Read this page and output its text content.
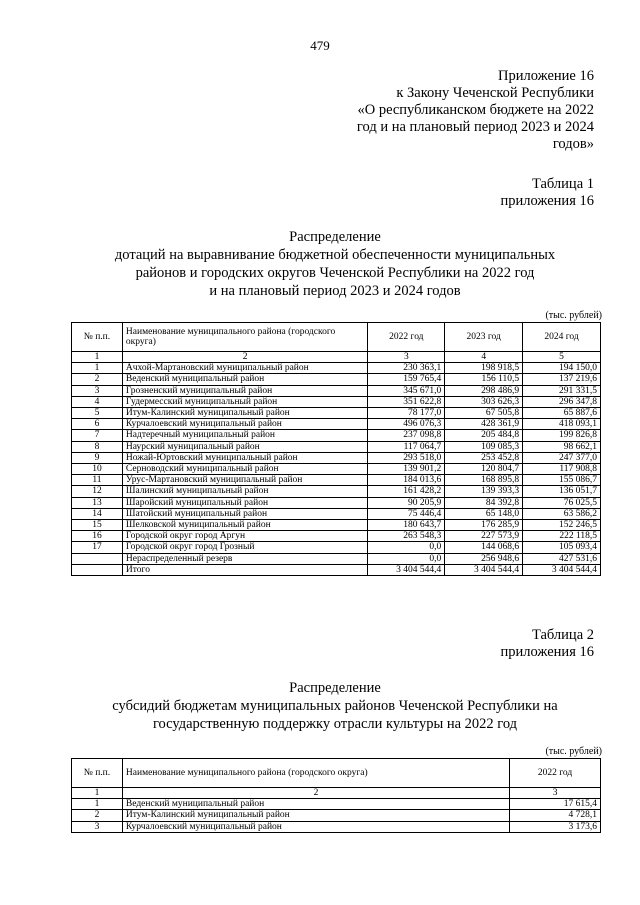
479
Приложение 16
к Закону Чеченской Республики
«О республиканском бюджете на 2022
год и на плановый период 2023 и 2024
годов»
Таблица 1
приложения 16
Распределение
дотаций на выравнивание бюджетной обеспеченности муниципальных
районов и городских округов Чеченской Республики на 2022 год
и на плановый период 2023 и 2024 годов
(тыс. рублей)
№ п.п.	Наименование муниципального района (городского округа)	2022 год	2023 год	2024 год
1	2	3	4	5
1	Ачхой-Мартановский муниципальный район	230 363,1	198 918,5	194 150,0
2	Веденский муниципальный район	159 765,4	156 110,5	137 219,6
3	Грозненский муниципальный район	345 671,0	298 486,9	291 331,5
4	Гудермесский муниципальный район	351 622,8	303 626,3	296 347,8
5	Итум-Калинский муниципальный район	78 177,0	67 505,8	65 887,6
6	Курчалоевский муниципальный район	496 076,3	428 361,9	418 093,1
7	Надтеречный муниципальный район	237 098,8	205 484,8	199 826,8
8	Наурский муниципальный район	117 064,7	109 085,3	98 662,1
9	Ножай-Юртовский муниципальный район	293 518,0	253 452,8	247 377,0
10	Серноводский муниципальный район	139 901,2	120 804,7	117 908,8
11	Урус-Мартановский муниципальный район	184 013,6	168 895,8	155 086,7
12	Шалинский муниципальный район	161 428,2	139 393,3	136 051,7
13	Шаройский муниципальный район	90 205,9	84 392,8	76 025,5
14	Шатойский муниципальный район	75 446,4	65 148,0	63 586,2
15	Шелковской муниципальный район	180 643,7	176 285,9	152 246,5
16	Городской округ город Аргун	263 548,3	227 573,9	222 118,5
17	Городской округ город Грозный	0,0	144 068,6	105 093,4
	Нераспределенный резерв	0,0	256 948,6	427 531,6
	Итого	3 404 544,4	3 404 544,4	3 404 544,4
Таблица 2
приложения 16
Распределение
субсидий бюджетам муниципальных районов Чеченской Республики на
государственную поддержку отрасли культуры на 2022 год
(тыс. рублей)
№ п.п.	Наименование муниципального района (городского округа)	2022 год
1	2	3
1	Веденский муниципальный район	17 615,4
2	Итум-Калинский муниципальный район	4 728,1
3	Курчалоевский муниципальный район	3 173,6
